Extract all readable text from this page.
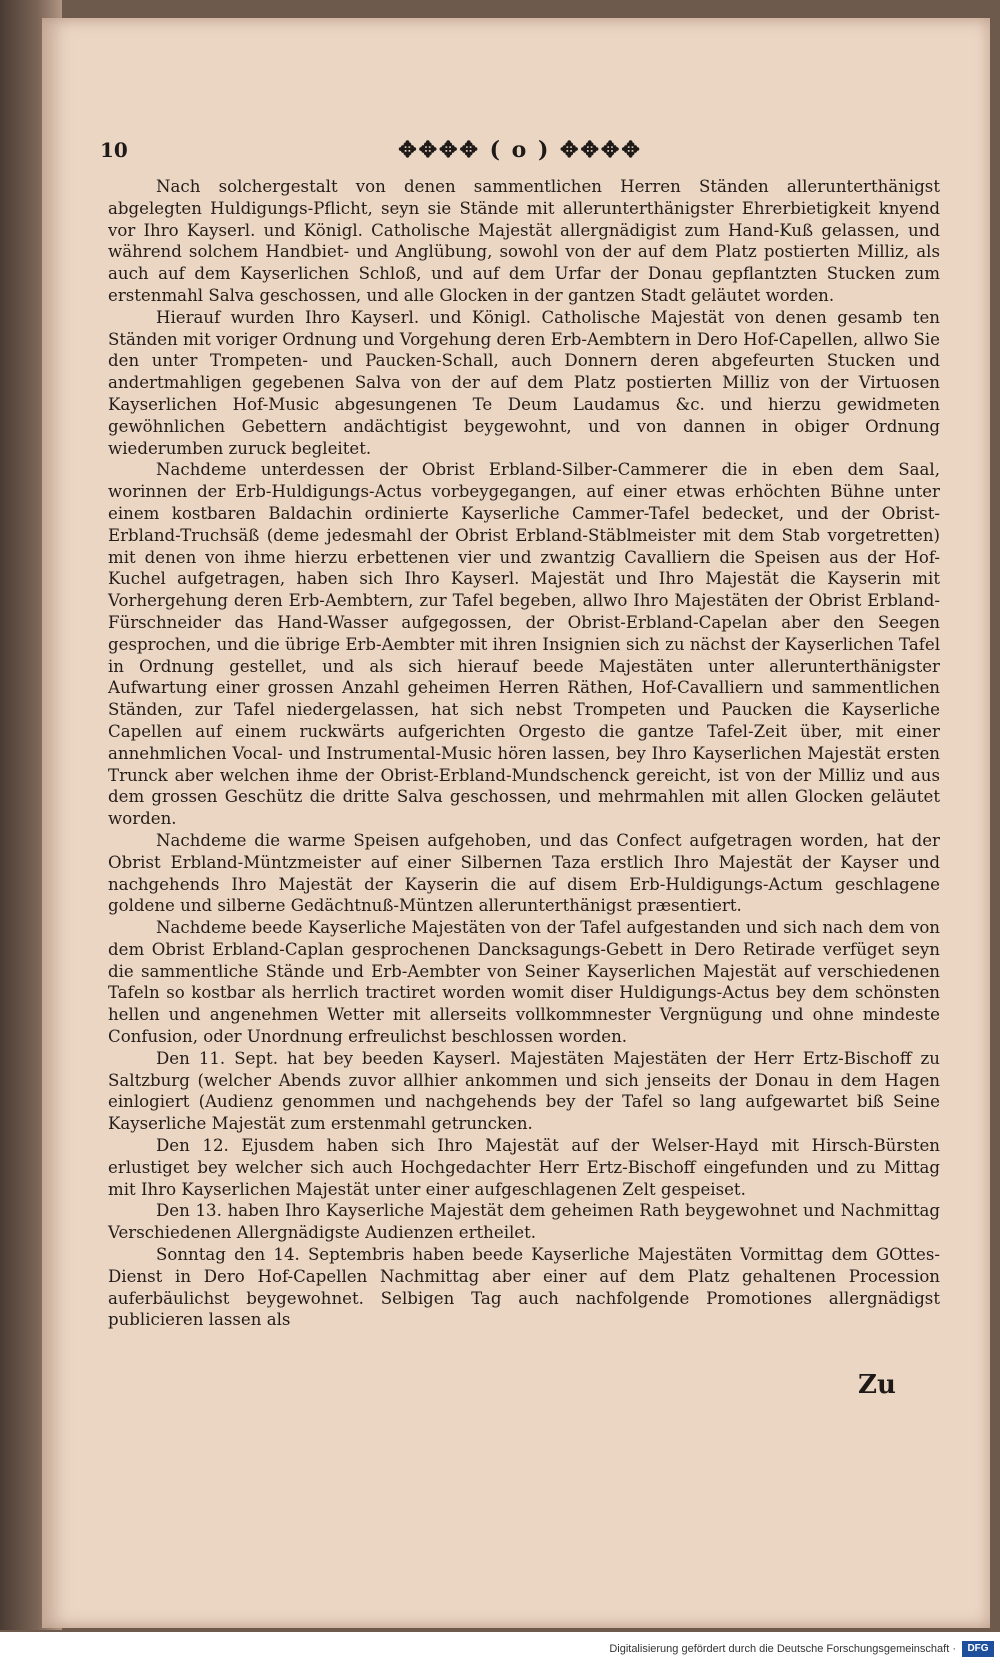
10	✥✥✥✥ ( o ) ✥✥✥✥

Nach solchergestalt von denen sammentlichen Herren Ständen allerunterthänigst abgelegten Huldigungs-Pflicht, seyn sie Stände mit allerunterthänigster Ehrerbietigkeit knyend vor Ihro Kayserl. und Königl. Catholische Majestät allergnädigist zum Hand-Kuß gelassen, und während solchem Handbiet- und Anglübung, sowohl von der auf dem Platz postierten Milliz, als auch auf dem Kayserlichen Schloß, und auf dem Urfar der Donau gepflantzten Stucken zum erstenmahl Salva geschossen, und alle Glocken in der gantzen Stadt geläutet worden.

Hierauf wurden Ihro Kayserl. und Königl. Catholische Majestät von denen gesamb ten Ständen mit voriger Ordnung und Vorgehung deren Erb-Aembtern in Dero Hof-Capellen, allwo Sie den unter Trompeten- und Paucken-Schall, auch Donnern deren abgefeurten Stucken und andertmahligen gegebenen Salva von der auf dem Platz postierten Milliz von der Virtuosen Kayserlichen Hof-Music abgesungenen Te Deum Laudamus &c. und hierzu gewidmeten gewöhnlichen Gebettern andächtigist beygewohnt, und von dannen in obiger Ordnung wiederumben zuruck begleitet.

Nachdeme unterdessen der Obrist Erbland-Silber-Cammerer die in eben dem Saal, worinnen der Erb-Huldigungs-Actus vorbeygegangen, auf einer etwas erhöchten Bühne unter einem kostbaren Baldachin ordinierte Kayserliche Cammer-Tafel bedecket, und der Obrist-Erbland-Truchsäß (deme jedesmahl der Obrist Erbland-Stäblmeister mit dem Stab vorgetretten) mit denen von ihme hierzu erbettenen vier und zwantzig Cavalliern die Speisen aus der Hof-Kuchel aufgetragen, haben sich Ihro Kayserl. Majestät und Ihro Majestät die Kayserin mit Vorhergehung deren Erb-Aembtern, zur Tafel begeben, allwo Ihro Majestäten der Obrist Erbland-Fürschneider das Hand-Wasser aufgegossen, der Obrist-Erbland-Capelan aber den Seegen gesprochen, und die übrige Erb-Aembter mit ihren Insignien sich zu nächst der Kayserlichen Tafel in Ordnung gestellet, und als sich hierauf beede Majestäten unter allerunterthänigster Aufwartung einer grossen Anzahl geheimen Herren Räthen, Hof-Cavalliern und sammentlichen Ständen, zur Tafel niedergelassen, hat sich nebst Trompeten und Paucken die Kayserliche Capellen auf einem ruckwärts aufgerichten Orgesto die gantze Tafel-Zeit über, mit einer annehmlichen Vocal- und Instrumental-Music hören lassen, bey Ihro Kayserlichen Majestät ersten Trunck aber welchen ihme der Obrist-Erbland-Mundschenck gereicht, ist von der Milliz und aus dem grossen Geschütz die dritte Salva geschossen, und mehrmahlen mit allen Glocken geläutet worden.

Nachdeme die warme Speisen aufgehoben, und das Confect aufgetragen worden, hat der Obrist Erbland-Müntzmeister auf einer Silbernen Taza erstlich Ihro Majestät der Kayser und nachgehends Ihro Majestät der Kayserin die auf disem Erb-Huldigungs-Actum geschlagene goldene und silberne Gedächtnuß-Müntzen allerunterthänigst præsentiert.

Nachdeme beede Kayserliche Majestäten von der Tafel aufgestanden und sich nach dem von dem Obrist Erbland-Caplan gesprochenen Dancksagungs-Gebett in Dero Retirade verfüget seyn die sammentliche Stände und Erb-Aembter von Seiner Kayserlichen Majestät auf verschiedenen Tafeln so kostbar als herrlich tractiret worden womit diser Huldigungs-Actus bey dem schönsten hellen und angenehmen Wetter mit allerseits vollkommnester Vergnügung und ohne mindeste Confusion, oder Unordnung erfreulichst beschlossen worden.

Den 11. Sept. hat bey beeden Kayserl. Majestäten Majestäten der Herr Ertz-Bischoff zu Saltzburg (welcher Abends zuvor allhier ankommen und sich jenseits der Donau in dem Hagen einlogiert (Audienz genommen und nachgehends bey der Tafel so lang aufgewartet biß Seine Kayserliche Majestät zum erstenmahl getruncken.

Den 12. Ejusdem haben sich Ihro Majestät auf der Welser-Hayd mit Hirsch-Bürsten erlustiget bey welcher sich auch Hochgedachter Herr Ertz-Bischoff eingefunden und zu Mittag mit Ihro Kayserlichen Majestät unter einer aufgeschlagenen Zelt gespeiset.

Den 13. haben Ihro Kayserliche Majestät dem geheimen Rath beygewohnet und Nachmittag Verschiedenen Allergnädigste Audienzen ertheilet.

Sonntag den 14. Septembris haben beede Kayserliche Majestäten Vormittag dem GOttes-Dienst in Dero Hof-Capellen Nachmittag aber einer auf dem Platz gehaltenen Procession auferbäulichst beygewohnet. Selbigen Tag auch nachfolgende Promotiones allergnädigst publicieren lassen als

Zu
Digitalisierung gefördert durch die Deutsche Forschungsgemeinschaft ·	DFG
